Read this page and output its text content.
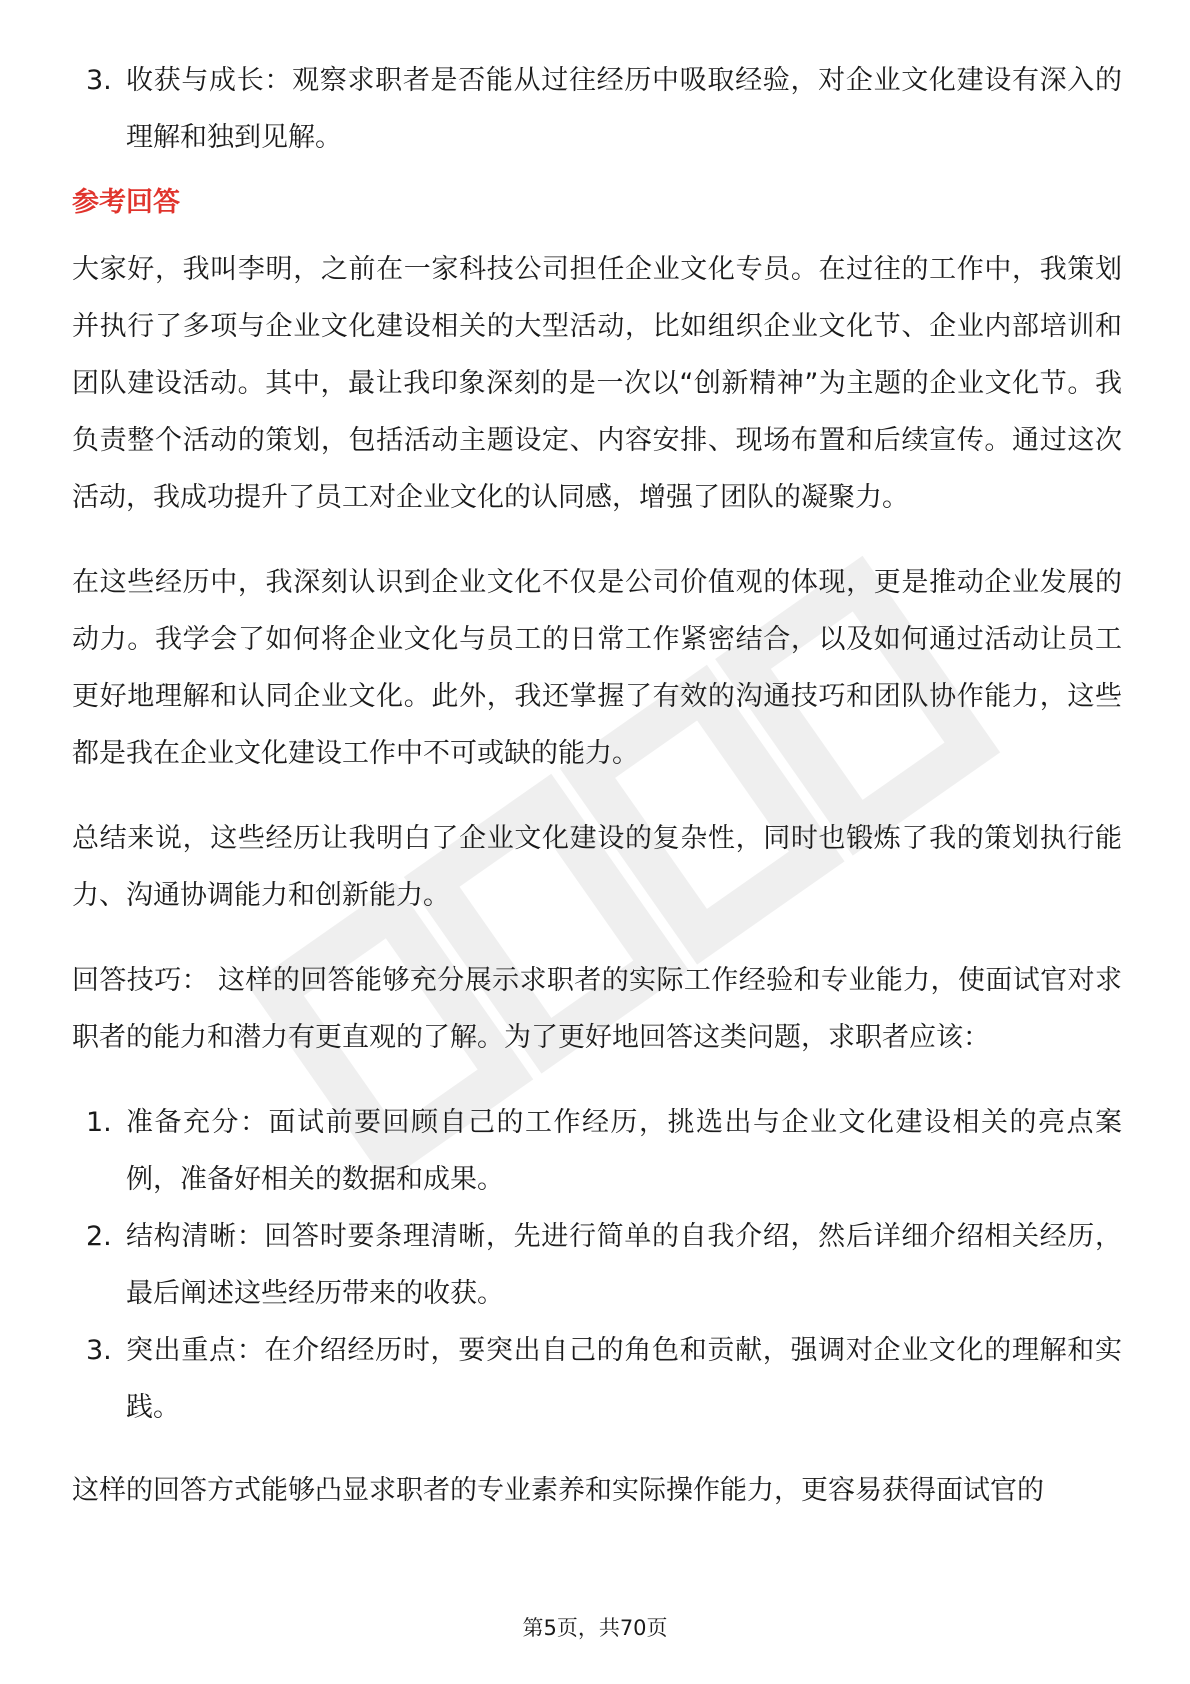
3. 收获与成长：观察求职者是否能从过往经历中吸取经验，对企业文化建设有深入的理解和独到见解。
参考回答

大家好，我叫李明，之前在一家科技公司担任企业文化专员。在过往的工作中，我策划并执行了多项与企业文化建设相关的大型活动，比如组织企业文化节、企业内部培训和团队建设活动。其中，最让我印象深刻的是一次以“创新精神”为主题的企业文化节。我负责整个活动的策划，包括活动主题设定、内容安排、现场布置和后续宣传。通过这次活动，我成功提升了员工对企业文化的认同感，增强了团队的凝聚力。

在这些经历中，我深刻认识到企业文化不仅是公司价值观的体现，更是推动企业发展的动力。我学会了如何将企业文化与员工的日常工作紧密结合，以及如何通过活动让员工更好地理解和认同企业文化。此外，我还掌握了有效的沟通技巧和团队协作能力，这些都是我在企业文化建设工作中不可或缺的能力。

总结来说，这些经历让我明白了企业文化建设的复杂性，同时也锻炼了我的策划执行能力、沟通协调能力和创新能力。

回答技巧： 这样的回答能够充分展示求职者的实际工作经验和专业能力，使面试官对求职者的能力和潜力有更直观的了解。为了更好地回答这类问题，求职者应该：

1. 准备充分：面试前要回顾自己的工作经历，挑选出与企业文化建设相关的亮点案例，准备好相关的数据和成果。
2. 结构清晰：回答时要条理清晰，先进行简单的自我介绍，然后详细介绍相关经历，最后阐述这些经历带来的收获。
3. 突出重点：在介绍经历时，要突出自己的角色和贡献，强调对企业文化的理解和实践。

这样的回答方式能够凸显求职者的专业素养和实际操作能力，更容易获得面试官的

第5页，共70页
